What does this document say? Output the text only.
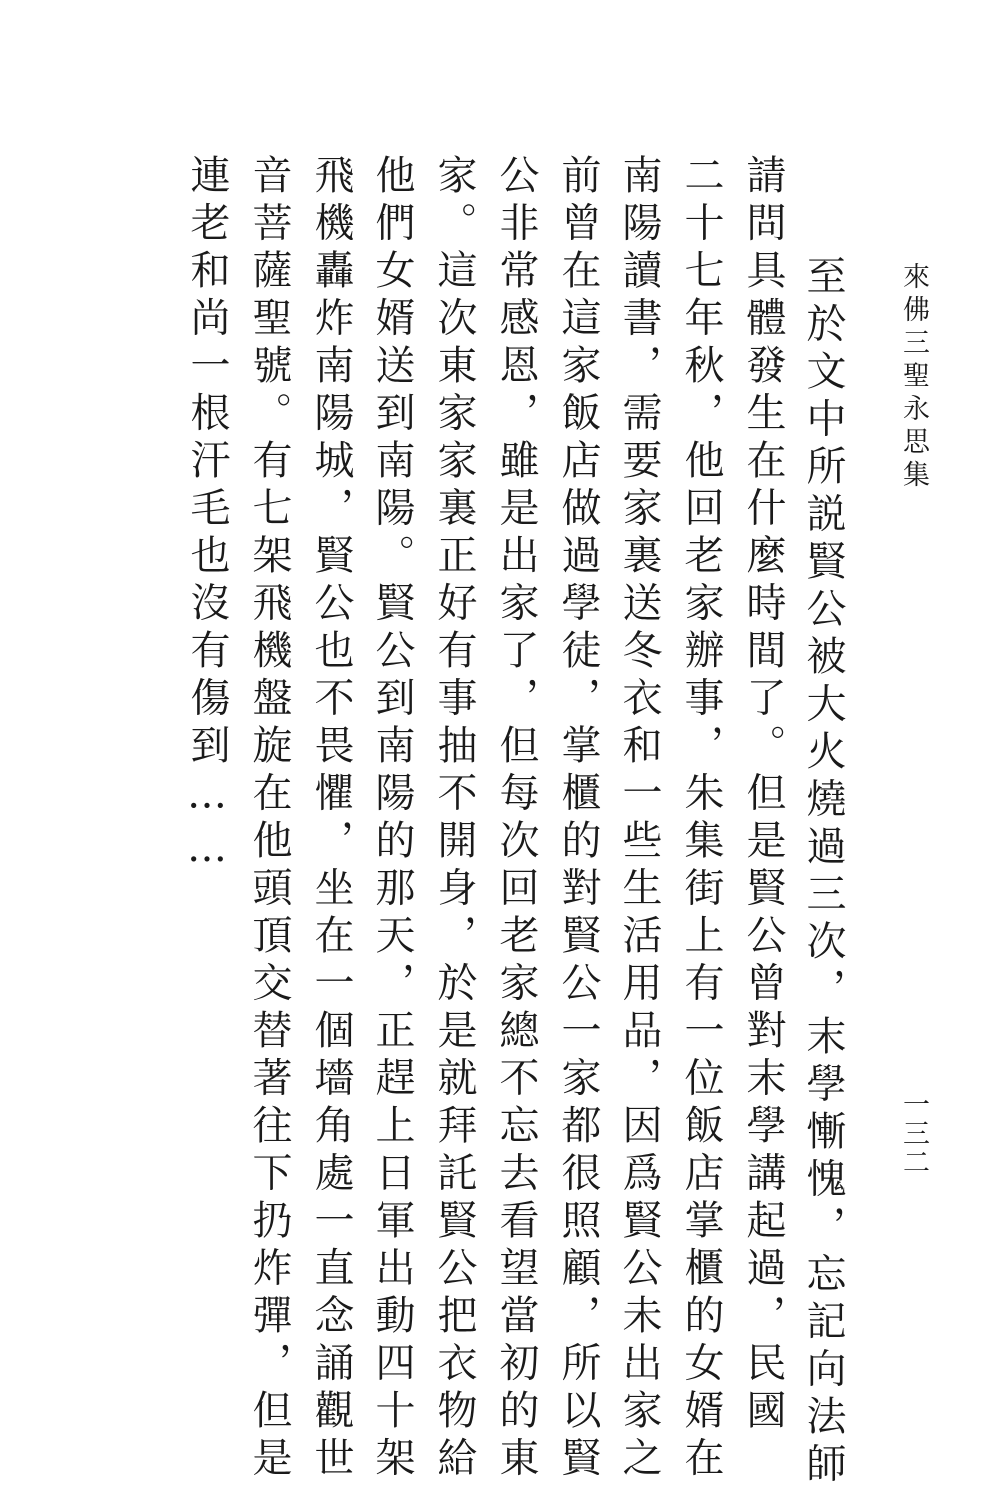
來佛三聖永思集
一三二
至於文中所説賢公被大火燒過三次，末學慚愧，忘記向法師
請問具體發生在什麼時間了。但是賢公曾對末學講起過，民國
二十七年秋，他回老家辦事，朱集街上有一位飯店掌櫃的女婿在
南陽讀書，需要家裏送冬衣和一些生活用品，因爲賢公未出家之
前曾在這家飯店做過學徒，掌櫃的對賢公一家都很照顧，所以賢
公非常感恩，雖是出家了，但每次回老家總不忘去看望當初的東
家。這次東家家裏正好有事抽不開身，於是就拜託賢公把衣物給
他們女婿送到南陽。賢公到南陽的那天，正趕上日軍出動四十架
飛機轟炸南陽城，賢公也不畏懼，坐在一個墻角處一直念誦觀世
音菩薩聖號。有七架飛機盤旋在他頭頂交替著往下扔炸彈，但是
連老和尚一根汗毛也沒有傷到……
